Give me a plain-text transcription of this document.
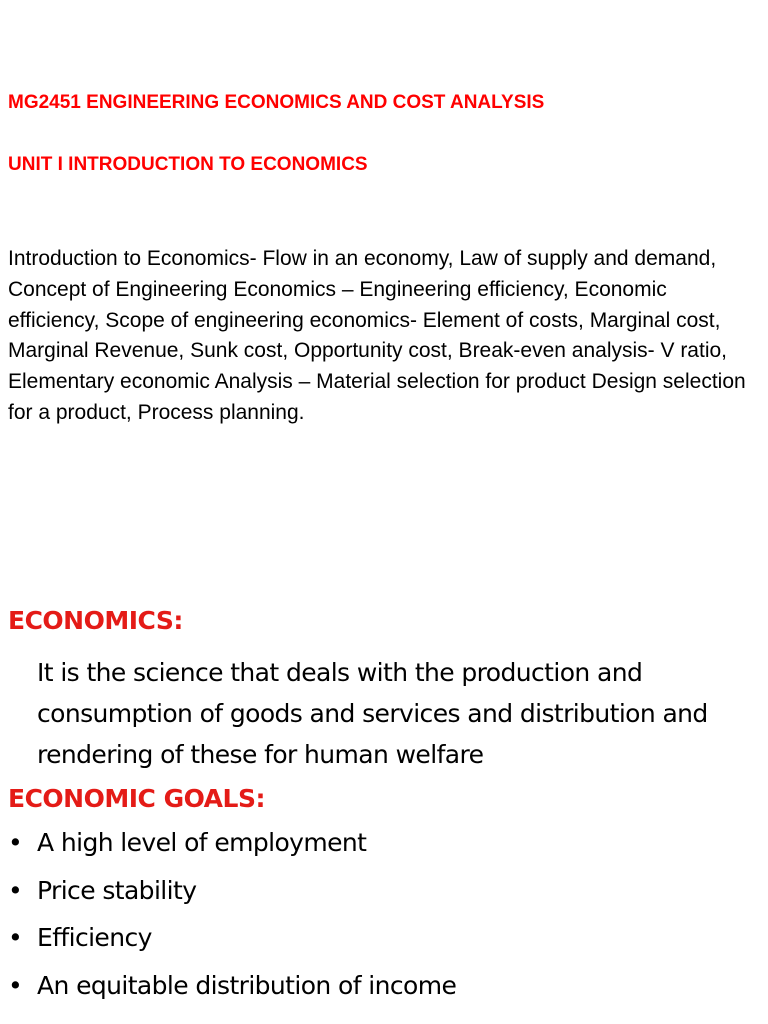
MG2451 ENGINEERING ECONOMICS AND COST ANALYSIS

UNIT I INTRODUCTION TO ECONOMICS

Introduction to Economics- Flow in an economy, Law of supply and demand, Concept of Engineering Economics – Engineering efficiency, Economic efficiency, Scope of engineering economics- Element of costs, Marginal cost, Marginal Revenue, Sunk cost, Opportunity cost, Break-even analysis- V ratio, Elementary economic Analysis – Material selection for product Design selection for a product, Process planning.

ECONOMICS:

It is the science that deals with the production and consumption of goods and services and distribution and rendering of these for human welfare

ECONOMIC GOALS:
• A high level of employment
• Price stability
• Efficiency
• An equitable distribution of income
